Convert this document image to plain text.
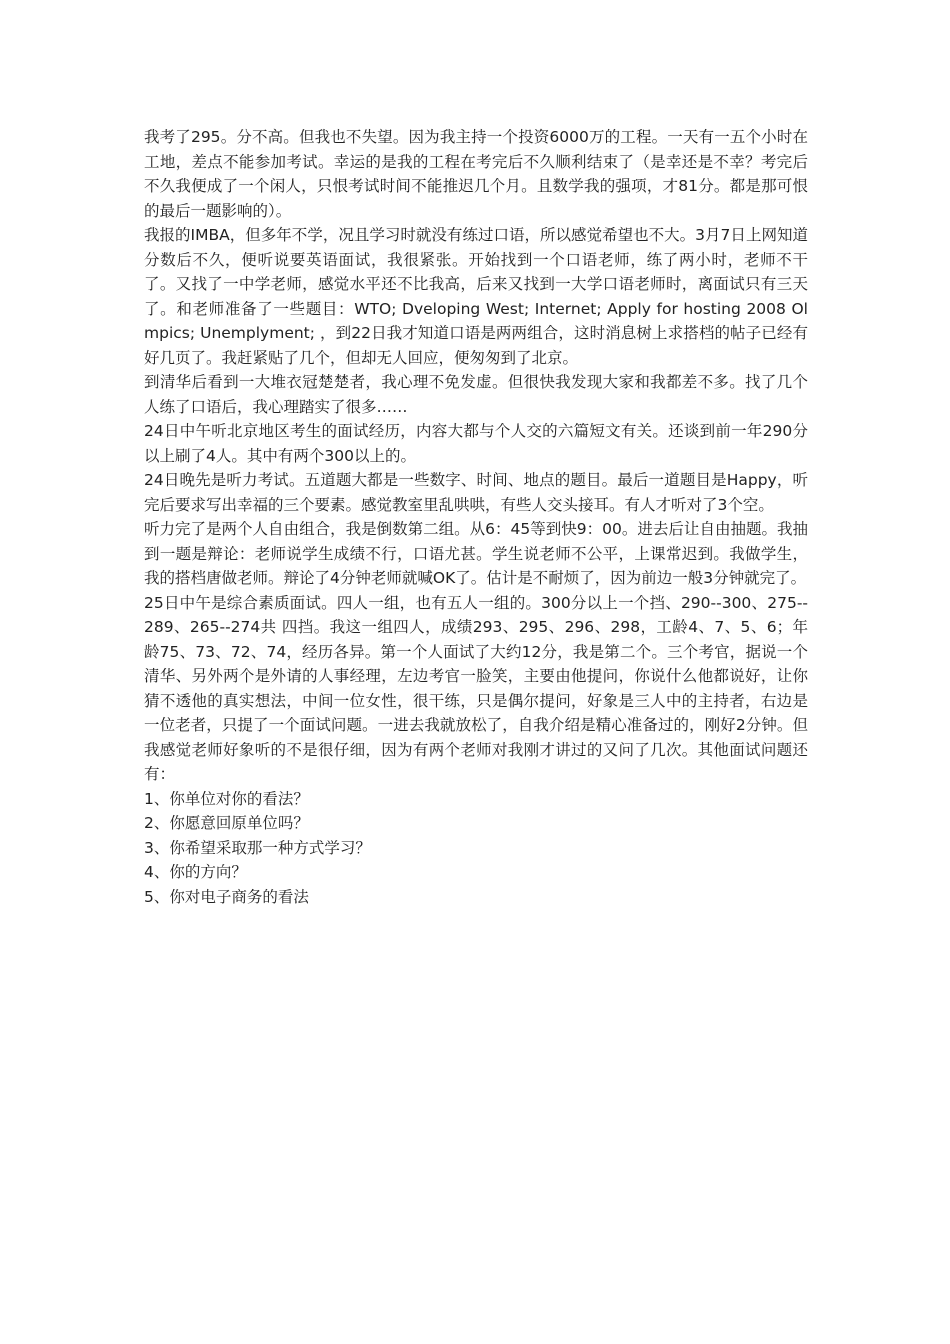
我考了295。分不高。但我也不失望。因为我主持一个投资6000万的工程。一天有一五个小时在工地，差点不能参加考试。幸运的是我的工程在考完后不久顺利结束了（是幸还是不幸？考完后不久我便成了一个闲人，只恨考试时间不能推迟几个月。且数学我的强项，才81分。都是那可恨的最后一题影响的）。

我报的IMBA，但多年不学，况且学习时就没有练过口语，所以感觉希望也不大。3月7日上网知道分数后不久，便听说要英语面试，我很紧张。开始找到一个口语老师，练了两小时，老师不干了。又找了一中学老师，感觉水平还不比我高，后来又找到一大学口语老师时，离面试只有三天了。和老师准备了一些题目：WTO; Dveloping West; Internet; Apply for hosting 2008 Olmpics; Unemplyment; ，到22日我才知道口语是两两组合，这时消息树上求搭档的帖子已经有好几页了。我赶紧贴了几个，但却无人回应，便匆匆到了北京。

到清华后看到一大堆衣冠楚楚者，我心理不免发虚。但很快我发现大家和我都差不多。找了几个人练了口语后，我心理踏实了很多……

24日中午听北京地区考生的面试经历，内容大都与个人交的六篇短文有关。还谈到前一年290分以上刷了4人。其中有两个300以上的。

24日晚先是听力考试。五道题大都是一些数字、时间、地点的题目。最后一道题目是Happy，听完后要求写出幸福的三个要素。感觉教室里乱哄哄，有些人交头接耳。有人才听对了3个空。

听力完了是两个人自由组合，我是倒数第二组。从6：45等到快9：00。进去后让自由抽题。我抽到一题是辩论：老师说学生成绩不行，口语尤甚。学生说老师不公平，上课常迟到。我做学生，我的搭档唐做老师。辩论了4分钟老师就喊OK了。估计是不耐烦了，因为前边一般3分钟就完了。

25日中午是综合素质面试。四人一组，也有五人一组的。300分以上一个挡、290--300、275--289、265--274共 四挡。我这一组四人，成绩293、295、296、298，工龄4、7、5、6；年龄75、73、72、74，经历各异。第一个人面试了大约12分，我是第二个。三个考官，据说一个清华、另外两个是外请的人事经理，左边考官一脸笑，主要由他提问，你说什么他都说好，让你猜不透他的真实想法，中间一位女性，很干练，只是偶尔提问，好象是三人中的主持者，右边是一位老者，只提了一个面试问题。一进去我就放松了，自我介绍是精心准备过的，刚好2分钟。但我感觉老师好象听的不是很仔细，因为有两个老师对我刚才讲过的又问了几次。其他面试问题还有：

1、你单位对你的看法？

2、你愿意回原单位吗？

3、你希望采取那一种方式学习？

4、你的方向？

5、你对电子商务的看法
